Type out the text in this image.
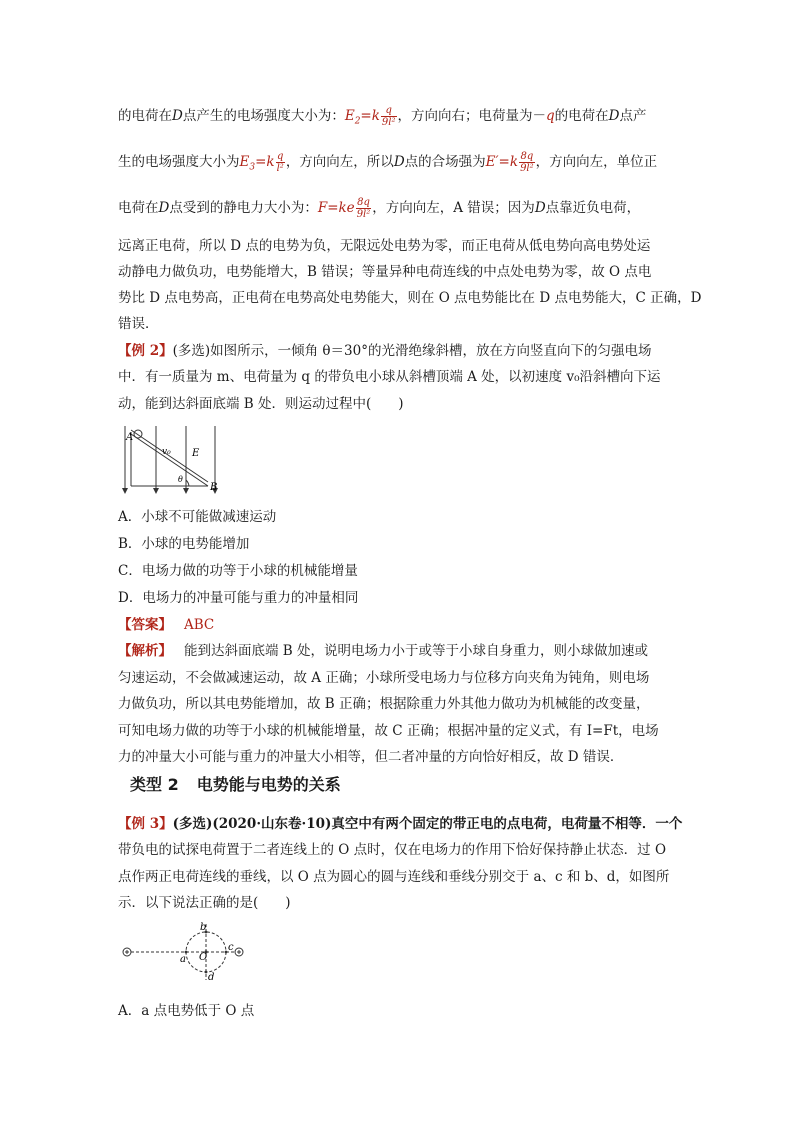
的电荷在D点产生的电场强度大小为：$E_2=k \frac{q}{\text{9l²}}$ ，方向向右；电荷量为－q的电荷在D点产
生的电场强度大小为$E_3=k \frac{q}{\text{l²}}$ ，方向向左，所以D点的合场强为$E'=k \frac{8q}{\text{9l²}}$ ，方向向左，单位正
电荷在D点受到的静电力大小为：$F=ke \frac{8q}{\text{9l²}}$ ，方向向左，A 错误；因为D点靠近负电荷，
远离正电荷，所以 D 点的电势为负，无限远处电势为零，而正电荷从低电势向高电势处运
动静电力做负功，电势能增大，B 错误；等量异种电荷连线的中点处电势为零，故 O 点电
势比 D 点电势高，正电荷在电势高处电势能大，则在 O 点电势能比在 D 点电势能大，C 正确，D
错误．
【例 2】(多选)如图所示，一倾角 θ＝30°的光滑绝缘斜槽，放在方向竖直向下的匀强电场
中．有一质量为 m、电荷量为 q 的带负电小球从斜槽顶端 A 处，以初速度 v₀沿斜槽向下运
动，能到达斜面底端 B 处．则运动过程中(　　)
A
v₀ E
θ
B
A．小球不可能做减速运动
B．小球的电势能增加
C．电场力做的功等于小球的机械能增量
D．电场力的冲量可能与重力的冲量相同
【答案】 ABC
【解析】 能到达斜面底端 B 处，说明电场力小于或等于小球自身重力，则小球做加速或
匀速运动，不会做减速运动，故 A 正确；小球所受电场力与位移方向夹角为钝角，则电场
力做负功，所以其电势能增加，故 B 正确；根据除重力外其他力做功为机械能的改变量，
可知电场力做的功等于小球的机械能增量，故 C 正确；根据冲量的定义式，有 I=Ft，电场
力的冲量大小可能与重力的冲量大小相等，但二者冲量的方向恰好相反，故 D 错误．
类型 2 电势能与电势的关系
【例 3】(多选)(2020·山东卷·10)真空中有两个固定的带正电的点电荷，电荷量不相等．一个
带负电的试探电荷置于二者连线上的 O 点时，仅在电场力的作用下恰好保持静止状态．过 O
点作两正电荷连线的垂线，以 O 点为圆心的圆与连线和垂线分别交于 a、c 和 b、d，如图所
示．以下说法正确的是(　　)
a O
c
b
d
A．a 点电势低于 O 点
